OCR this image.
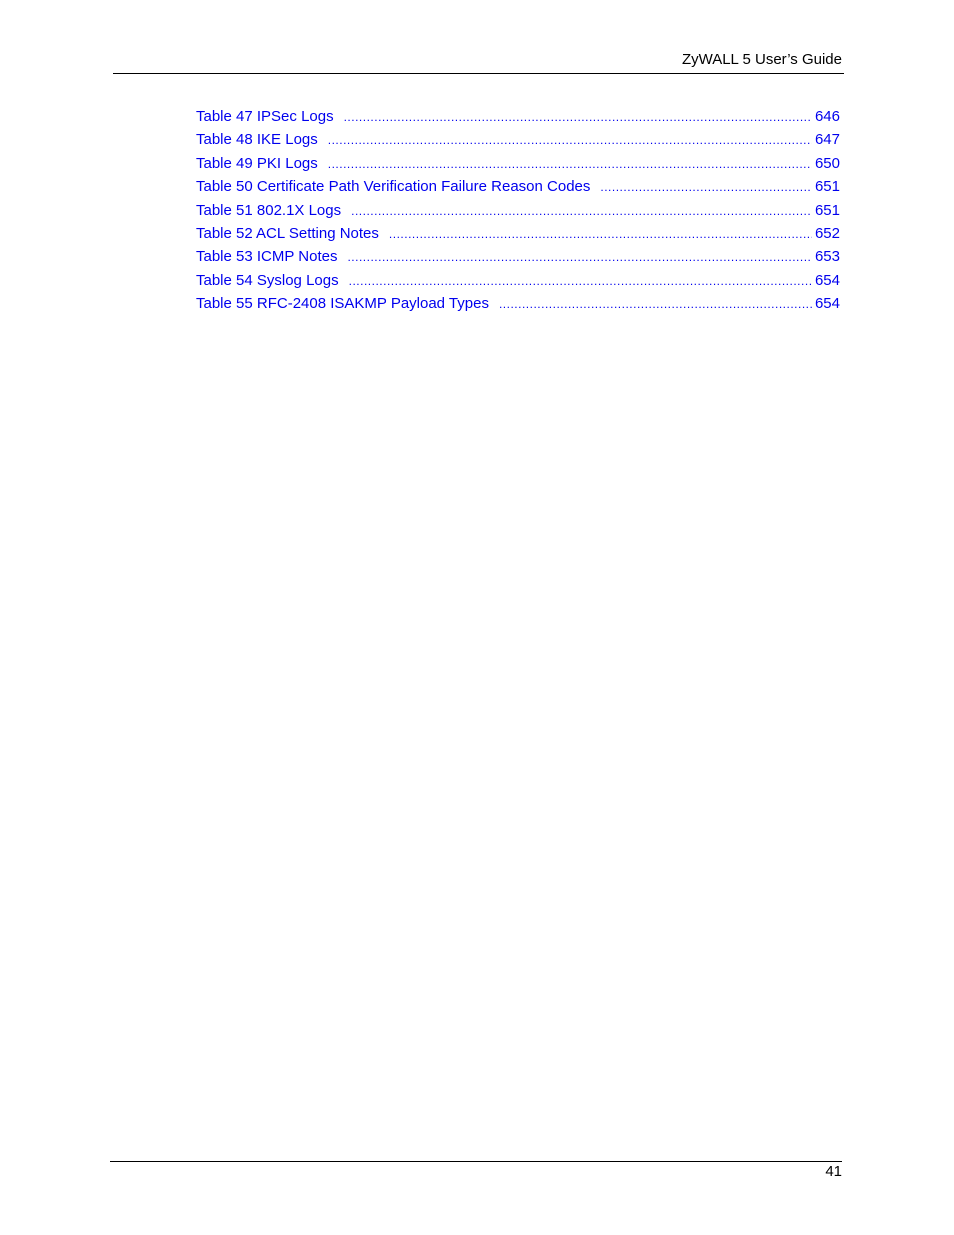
ZyWALL 5 User’s Guide
Table 47 IPSec Logs .....	646
Table 48 IKE Logs .....	647
Table 49 PKI Logs .....	650
Table 50 Certificate Path Verification Failure Reason Codes .....	651
Table 51 802.1X Logs .....	651
Table 52 ACL Setting Notes .....	652
Table 53 ICMP Notes .....	653
Table 54 Syslog Logs .....	654
Table 55 RFC-2408 ISAKMP Payload Types .....	654
41
